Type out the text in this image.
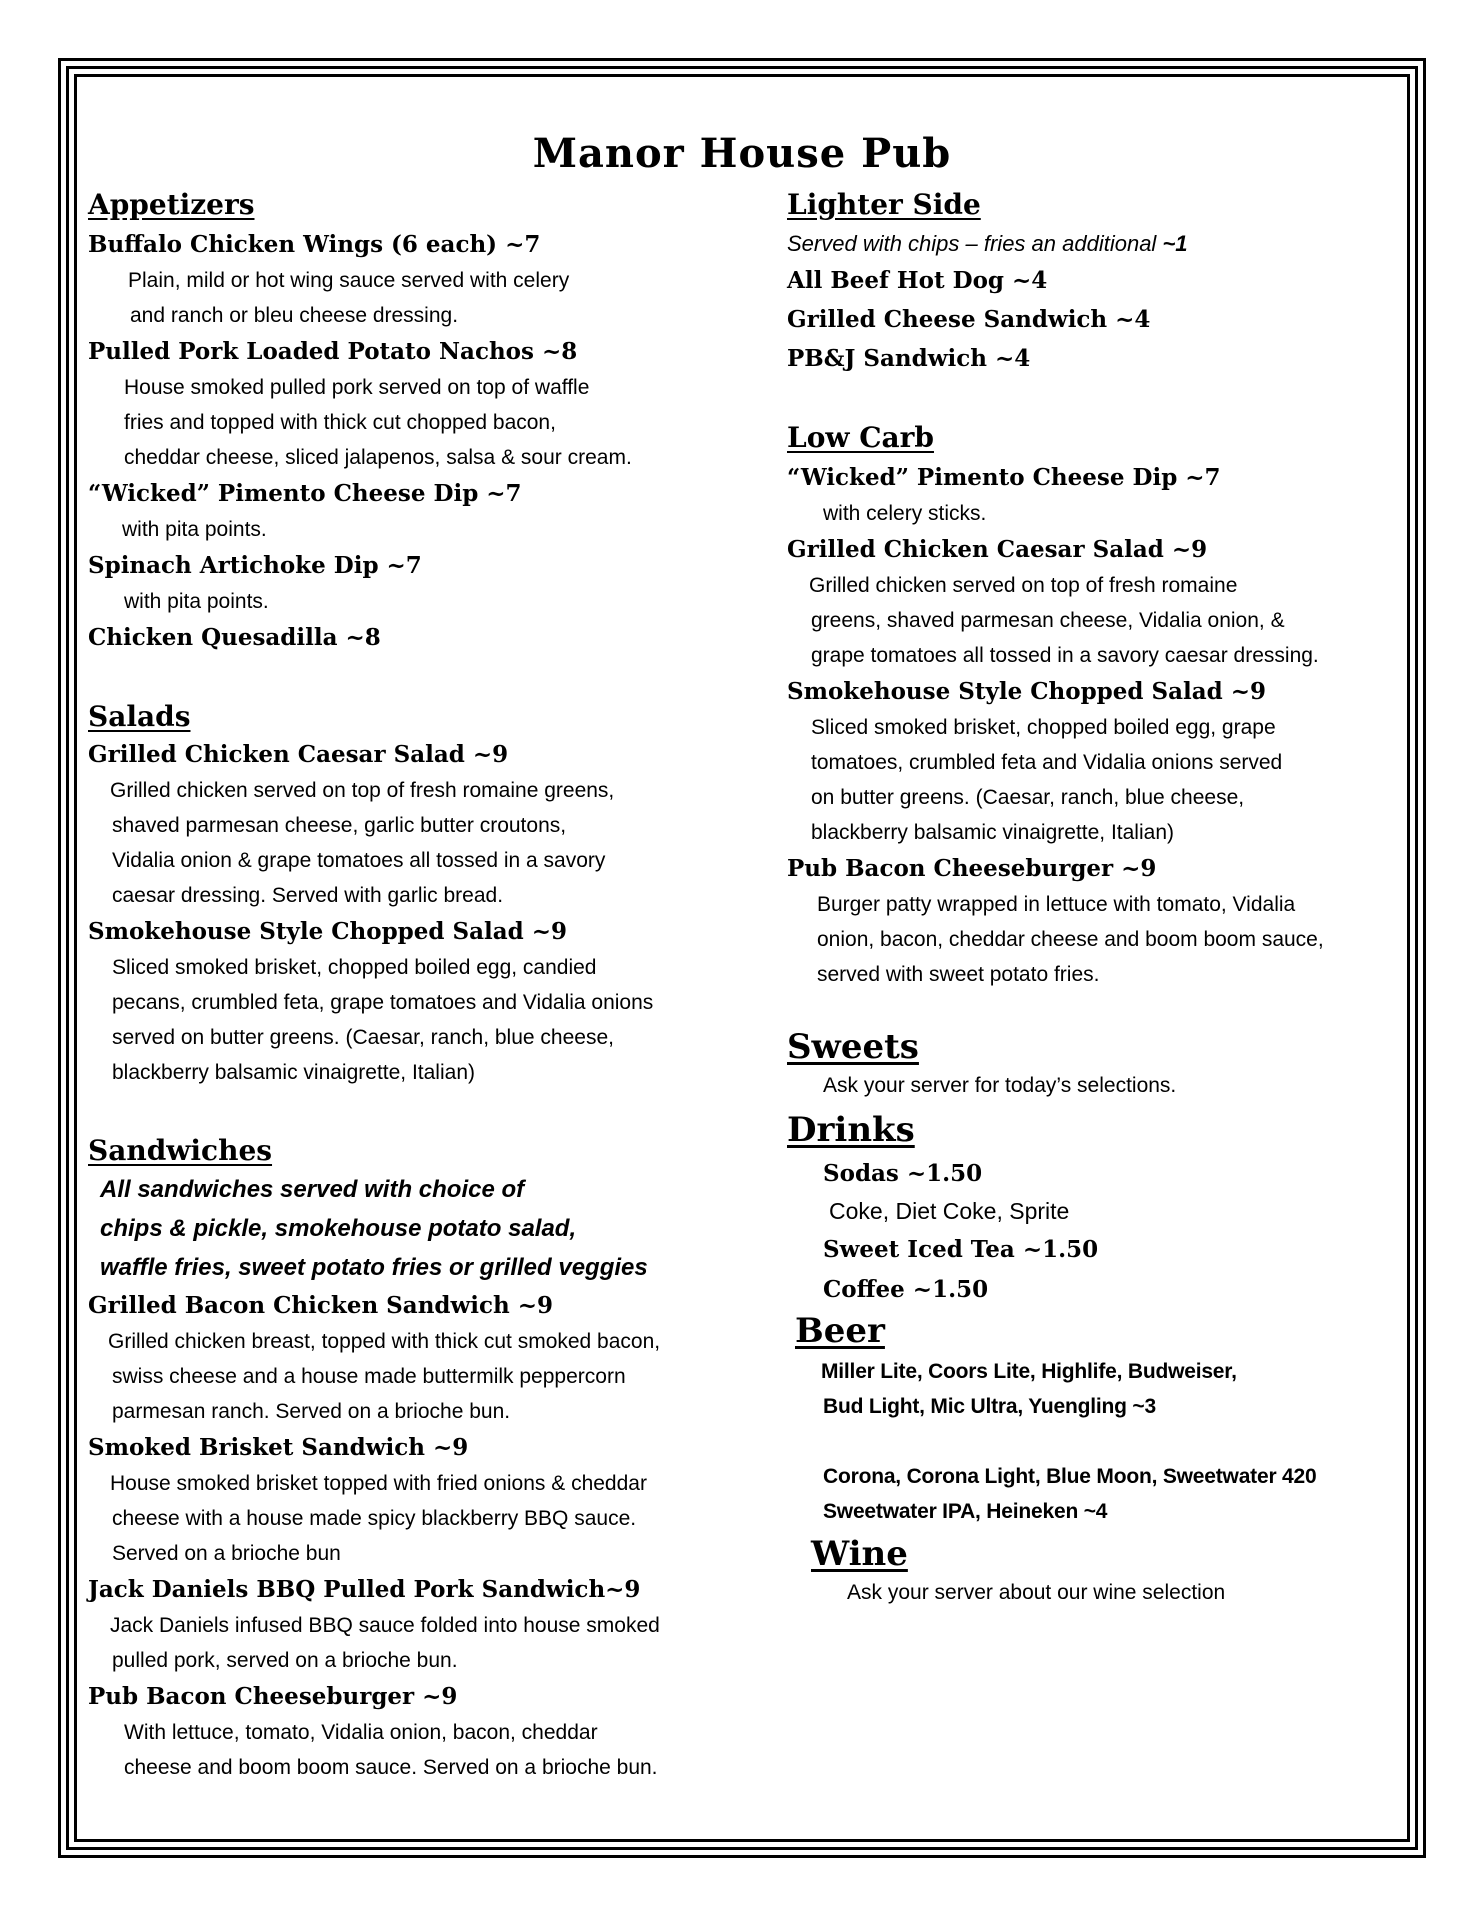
Manor House Pub
Appetizers
Buffalo Chicken Wings (6 each) ~7
Plain, mild or hot wing sauce served with celery
and ranch or bleu cheese dressing.
Pulled Pork Loaded Potato Nachos ~8
House smoked pulled pork served on top of waffle
fries and topped with thick cut chopped bacon,
cheddar cheese, sliced jalapenos, salsa & sour cream.
“Wicked” Pimento Cheese Dip ~7
with pita points.
Spinach Artichoke Dip ~7
with pita points.
Chicken Quesadilla ~8
Salads
Grilled Chicken Caesar Salad ~9
Grilled chicken served on top of fresh romaine greens,
shaved parmesan cheese, garlic butter croutons,
Vidalia onion & grape tomatoes all tossed in a savory
caesar dressing. Served with garlic bread.
Smokehouse Style Chopped Salad ~9
Sliced smoked brisket, chopped boiled egg, candied
pecans, crumbled feta, grape tomatoes and Vidalia onions
served on butter greens. (Caesar, ranch, blue cheese,
blackberry balsamic vinaigrette, Italian)
Sandwiches
All sandwiches served with choice of
chips & pickle, smokehouse potato salad,
waffle fries, sweet potato fries or grilled veggies
Grilled Bacon Chicken Sandwich ~9
Grilled chicken breast, topped with thick cut smoked bacon,
swiss cheese and a house made buttermilk peppercorn
parmesan ranch. Served on a brioche bun.
Smoked Brisket Sandwich ~9
House smoked brisket topped with fried onions & cheddar
cheese with a house made spicy blackberry BBQ sauce.
Served on a brioche bun
Jack Daniels BBQ Pulled Pork Sandwich~9
Jack Daniels infused BBQ sauce folded into house smoked
pulled pork, served on a brioche bun.
Pub Bacon Cheeseburger ~9
With lettuce, tomato, Vidalia onion, bacon, cheddar
cheese and boom boom sauce. Served on a brioche bun.
Lighter Side
Served with chips – fries an additional ~1
All Beef Hot Dog ~4
Grilled Cheese Sandwich ~4
PB&J Sandwich ~4
Low Carb
“Wicked” Pimento Cheese Dip ~7
with celery sticks.
Grilled Chicken Caesar Salad ~9
Grilled chicken served on top of fresh romaine
greens, shaved parmesan cheese, Vidalia onion, &
grape tomatoes all tossed in a savory caesar dressing.
Smokehouse Style Chopped Salad ~9
Sliced smoked brisket, chopped boiled egg, grape
tomatoes, crumbled feta and Vidalia onions served
on butter greens. (Caesar, ranch, blue cheese,
blackberry balsamic vinaigrette, Italian)
Pub Bacon Cheeseburger ~9
Burger patty wrapped in lettuce with tomato, Vidalia
onion, bacon, cheddar cheese and boom boom sauce,
served with sweet potato fries.
Sweets
Ask your server for today’s selections.
Drinks
Sodas ~1.50
Coke, Diet Coke, Sprite
Sweet Iced Tea ~1.50
Coffee ~1.50
Beer
Miller Lite, Coors Lite, Highlife, Budweiser,
Bud Light, Mic Ultra, Yuengling ~3
Corona, Corona Light, Blue Moon, Sweetwater 420
Sweetwater IPA, Heineken ~4
Wine
Ask your server about our wine selection
